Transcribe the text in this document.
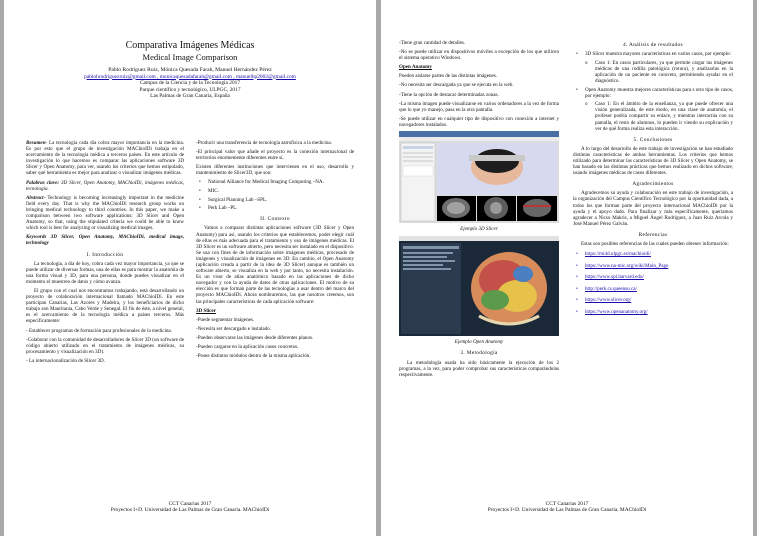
Comparativa Imágenes Médicas
Medical Image Comparison
Pablo Rodríguez Ruiz, Mónica Quesada Farah, Manuel Hernández Pérez
pablohrodriguezruiz@gmail.com , monicaquesadafarah@gmail.com , manuelhp2002@gmail.com
Campus de la Ciencia y de la Tecnología 2017
Parque científico y tecnológico, ULPGC, 2017
Las Palmas de Gran Canaria, España

Resumen- La tecnología cada día cobra mayor importancia en la medicina. Es por esto que el grupo de investigación MAChioIDi trabaja en el acercamiento de la tecnología médica a terceros países. En este artículo de investigación lo que hacemos es comparar las aplicaciones software 3D Slicer y Open Anatomy, para ver, usando los criterios que hemos estipulado, saber qué herramienta es mejor para analizar o visualizar imágenes médicas.

Palabras clave: 3D Slicer, Open Anatomy, MAChioIDi, imágenes médicas, tecnología.

Abstract- Technology is becoming increasingly important in the medicine field every day. That is why the MAChioIDi research group works on bringing medical technology to third countries. In this paper, we make a comparison between two software applications: 3D Slicer and Open Anatomy, so that, using the stipulated criteria we could be able to know which tool is best for analyzing or visualizing medical images.

Keywords 3D Slicer, Open Anatomy, MAChioIDi, medical image, technology

I. Introducción

La tecnología, a día de hoy, cobra cada vez mayor importancia, ya que se puede utilizar de diversas formas, una de ellas es para mostrar la anatomía de una forma visual y 3D, para una persona, donde puedes visualizar en el momento el muestreo de datos y cómo avanza.

El grupo con el cual nos encontramos trabajando, está desarrollando un proyecto de colaboración internacional llamado MAChioIDi. En este participan Canarias, Las Azores y Madeira, y los beneficiarios de dicho trabajo son Mauritania, Cabo Verde y Senegal. El fin de éste, a nivel general, es el acercamiento de la tecnología médica a países terceros. Más específicamente:

- Establecer programas de formación para profesionales de la medicina.

-Colaborar con la comunidad de desarrolladores de Slicer 3D (un software de código abierto utilizado en el tratamiento de imágenes médicas, su procesamiento y visualización en 3D).

- La internacionalización de Slicer 3D.

-Producir una transferencia de tecnología astrofísica a la medicina.

-El principal valor que añade el proyecto es la conexión internacional de territorios enormemente diferentes entre sí.

Existen diferentes instituciones que intervienen en el uso, desarrollo y mantenimiento de Slicer3D, que son:

• National Alliance for Medical Imaging Computing –NA.
• MIC.
• Surgical Planning Lab –SPL.
• Perk Lab –PL.
II. Contexto

Vamos a comparar distintas aplicaciones software (3D Slicer y Open Anatomy) para así, usando los criterios que establecemos, poder elegir cuál de ellas es más adecuada para el tratamiento y uso de imágenes médicas. El 3D Slicer es un software abierto, pero necesita ser instalado en el dispositivo. Se usa con fines de de información sobre imágenes médicas, procesado de imágenes y visualización de imágenes en 3D. En cambio, el Open Anatomy (aplicación creada a partir de la idea de 3D Slicer) aunque es también un software abierto, se visualiza en la web y por tanto, no necesita instalación. Es un visor de atlas anatómico basado en las aplicaciones de dicho navegador y con la ayuda de datos de otras aplicaciones. El motivo de su elección es que forman parte de las tecnologías a usar dentro del marco del proyecto MAChioIDi. Ahora nombraremos, las que nosotros creemos, son las principales características de cada aplicación software:

3D Slicer

-Puede segmentar imágenes.

-Necesita ser descargado e instalado.

-Pueden observarse las imágenes desde diferentes planos.

-Pueden cargarse en la aplicación casos concretos.

-Posee distintos módulos dentro de la misma aplicación.

CCT Canarias 2017
Proyectos I+D. Universidad de Las Palmas de Gran Canaria. MAChioIDi

-Tiene gran cantidad de detalles.

-No se puede utilizar en dispositivos móviles a excepción de los que utilicen el sistema operativo Windows.

Open Anatomy

Pueden aislarse partes de las distintas imágenes.

-No necesita ser descargada ya que se ejecuta en la web.

-Tiene la opción de destacar determinadas zonas.

-La misma imagen puede visualizarse en varios ordenadores a la vez de forma que lo que yo manejo, pasa en la otra pantalla.

-Se puede utilizar en cualquier tipo de dispositivo con conexión a internet y navegadores instalados.

Ejemplo 3D Slicer
Ejemplo Open Anatomy
3. Metodología

La metodología usada ha sido básicamente la ejecución de los 2 programas, a la vez, para poder comprobar sus características comparándolas respectivamente.

4. Análisis de resultados
• 3D Slicer muestra mayores características en varios casos, por ejemplo:
o Caso 1: En casos particulares, ya que permite cargar las imágenes médicas de una rodilla patológica (rotura), y analizarlas en la aplicación de un paciente en concreto, permitiendo ayudar en el diagnóstico.
• Open Anatomy muestra mejores características para s otro tipo de casos, por ejemplo:
o Caso 1: En el ámbito de la enseñanza, ya que puede ofrecer una visión generalizada, de este modo, en una clase de anatomía, el profesor podría compartir su enlace, y mientras interactúa con su pantalla, el resto de alumnos, lo pueden ir viendo su explicación y ver de qué forma realiza esta interacción.
5. Conclusiones

A lo largo del desarrollo de este trabajo de investigación se han estudiado distintas características de ambas herramientas. Los criterios que hemos utilizado para determinar las características de 3D Slicer y Open Anatomy, se han basado en las distintas prácticas que hemos realizado en dichos software, usando imágenes médicas de casos diferentes.

Agradecimientos

Agradecemos su ayuda y colaboración en este trabajo de investigación, a la organización del Campus Científico Tecnológico por la oportunidad dada, a todos los que forman parte del proyecto internacional MAChioIDi por la ayuda y el apoyo dado. Para finalizar y más específicamente, queríamos agradecer a Nicso Makris, a Miguel Ángel Rodríguez, a Juan Ruiz Arcola y José Manuel Pérez Galván.

Referencias

Estas son posibles referencias de las cuales pueden obtener información:

• https://mi4d.ulpgc.es/machioidi/
• https://www.na-mic.org/wiki/Main_Page
• https://www.spl.harvard.edu/
• http://perk.cs.queensu.ca/
• https://www.slicer.org/
• https://www.openanatomy.org/
CCT Canarias 2017
Proyectos I+D. Universidad de Las Palmas de Gran Canaria. MAChioIDi
